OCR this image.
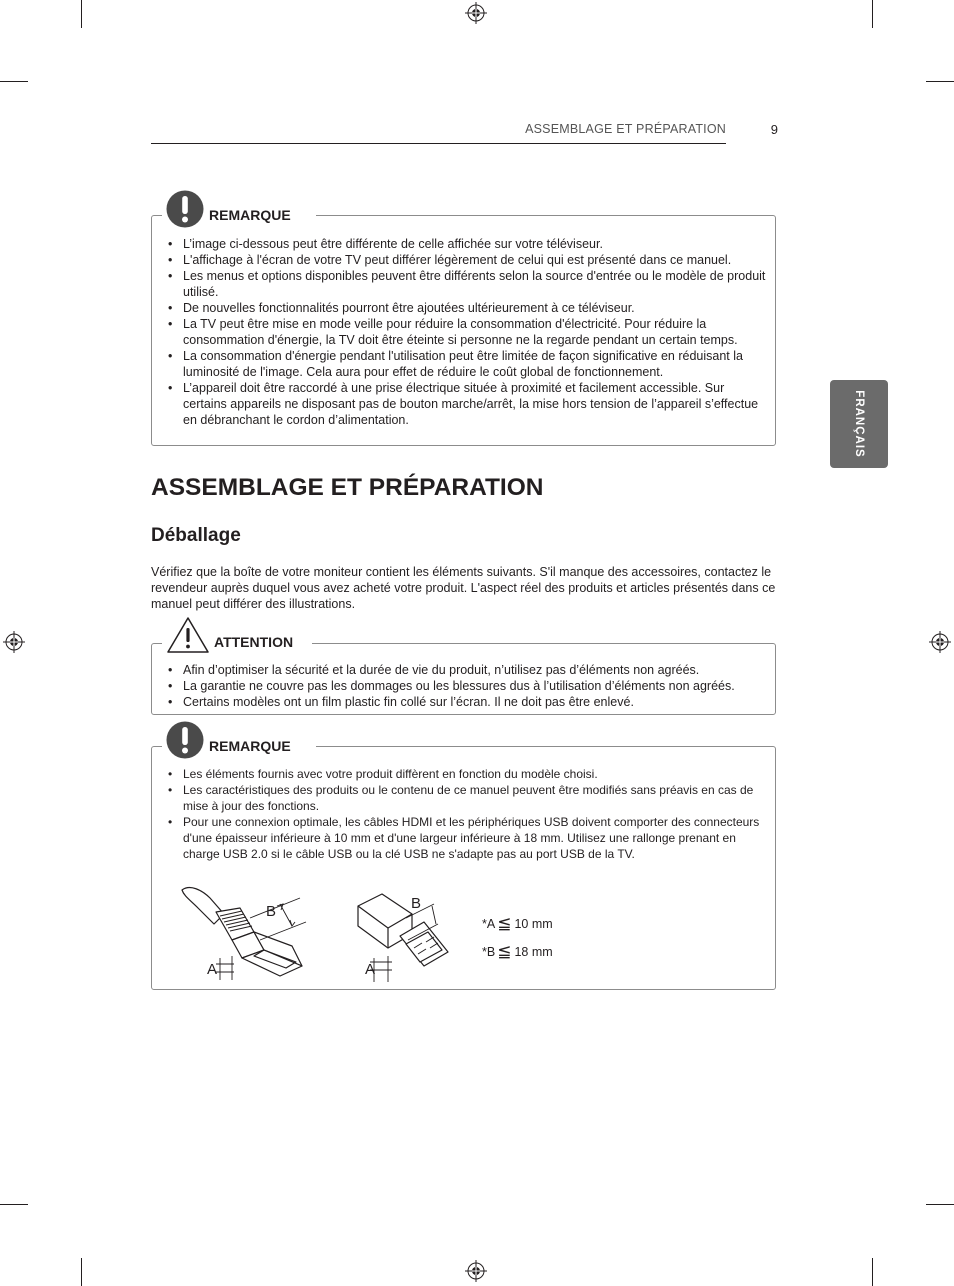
ASSEMBLAGE ET PRÉPARATION	9
FRANÇAIS
REMARQUE
• L’image ci-dessous peut être différente de celle affichée sur votre téléviseur.
• L'affichage à l'écran de votre TV peut différer légèrement de celui qui est présenté dans ce manuel.
• Les menus et options disponibles peuvent être différents selon la source d'entrée ou le modèle de produit utilisé.
• De nouvelles fonctionnalités pourront être ajoutées ultérieurement à ce téléviseur.
• La TV peut être mise en mode veille pour réduire la consommation d'électricité. Pour réduire la consommation d'énergie, la TV doit être éteinte si personne ne la regarde pendant un certain temps.
• La consommation d'énergie pendant l'utilisation peut être limitée de façon significative en réduisant la luminosité de l'image. Cela aura pour effet de réduire le coût global de fonctionnement.
• L’appareil doit être raccordé à une prise électrique située à proximité et facilement accessible. Sur certains appareils ne disposant pas de bouton marche/arrêt, la mise hors tension de l’appareil s’effectue en débranchant le cordon d’alimentation.
ASSEMBLAGE ET PRÉPARATION
Déballage

Vérifiez que la boîte de votre moniteur contient les éléments suivants. S'il manque des accessoires, contactez le revendeur auprès duquel vous avez acheté votre produit. L'aspect réel des produits et articles présentés dans ce manuel peut différer des illustrations.

ATTENTION
• Afin d’optimiser la sécurité et la durée de vie du produit, n’utilisez pas d’éléments non agréés.
• La garantie ne couvre pas les dommages ou les blessures dus à l’utilisation d’éléments non agréés.
• Certains modèles ont un film plastic fin collé sur l’écran. Il ne doit pas être enlevé.
REMARQUE
• Les éléments fournis avec votre produit diffèrent en fonction du modèle choisi.
• Les caractéristiques des produits ou le contenu de ce manuel peuvent être modifiés sans préavis en cas de mise à jour des fonctions.
• Pour une connexion optimale, les câbles HDMI et les périphériques USB doivent comporter des connecteurs d'une épaisseur inférieure à 10 mm et d'une largeur inférieure à 18 mm. Utilisez une rallonge prenant en charge USB 2.0 si le câble USB ou la clé USB ne s'adapte pas au port USB de la TV.
B
A
B
A
*A ≦ 10 mm
*B ≦ 18 mm
